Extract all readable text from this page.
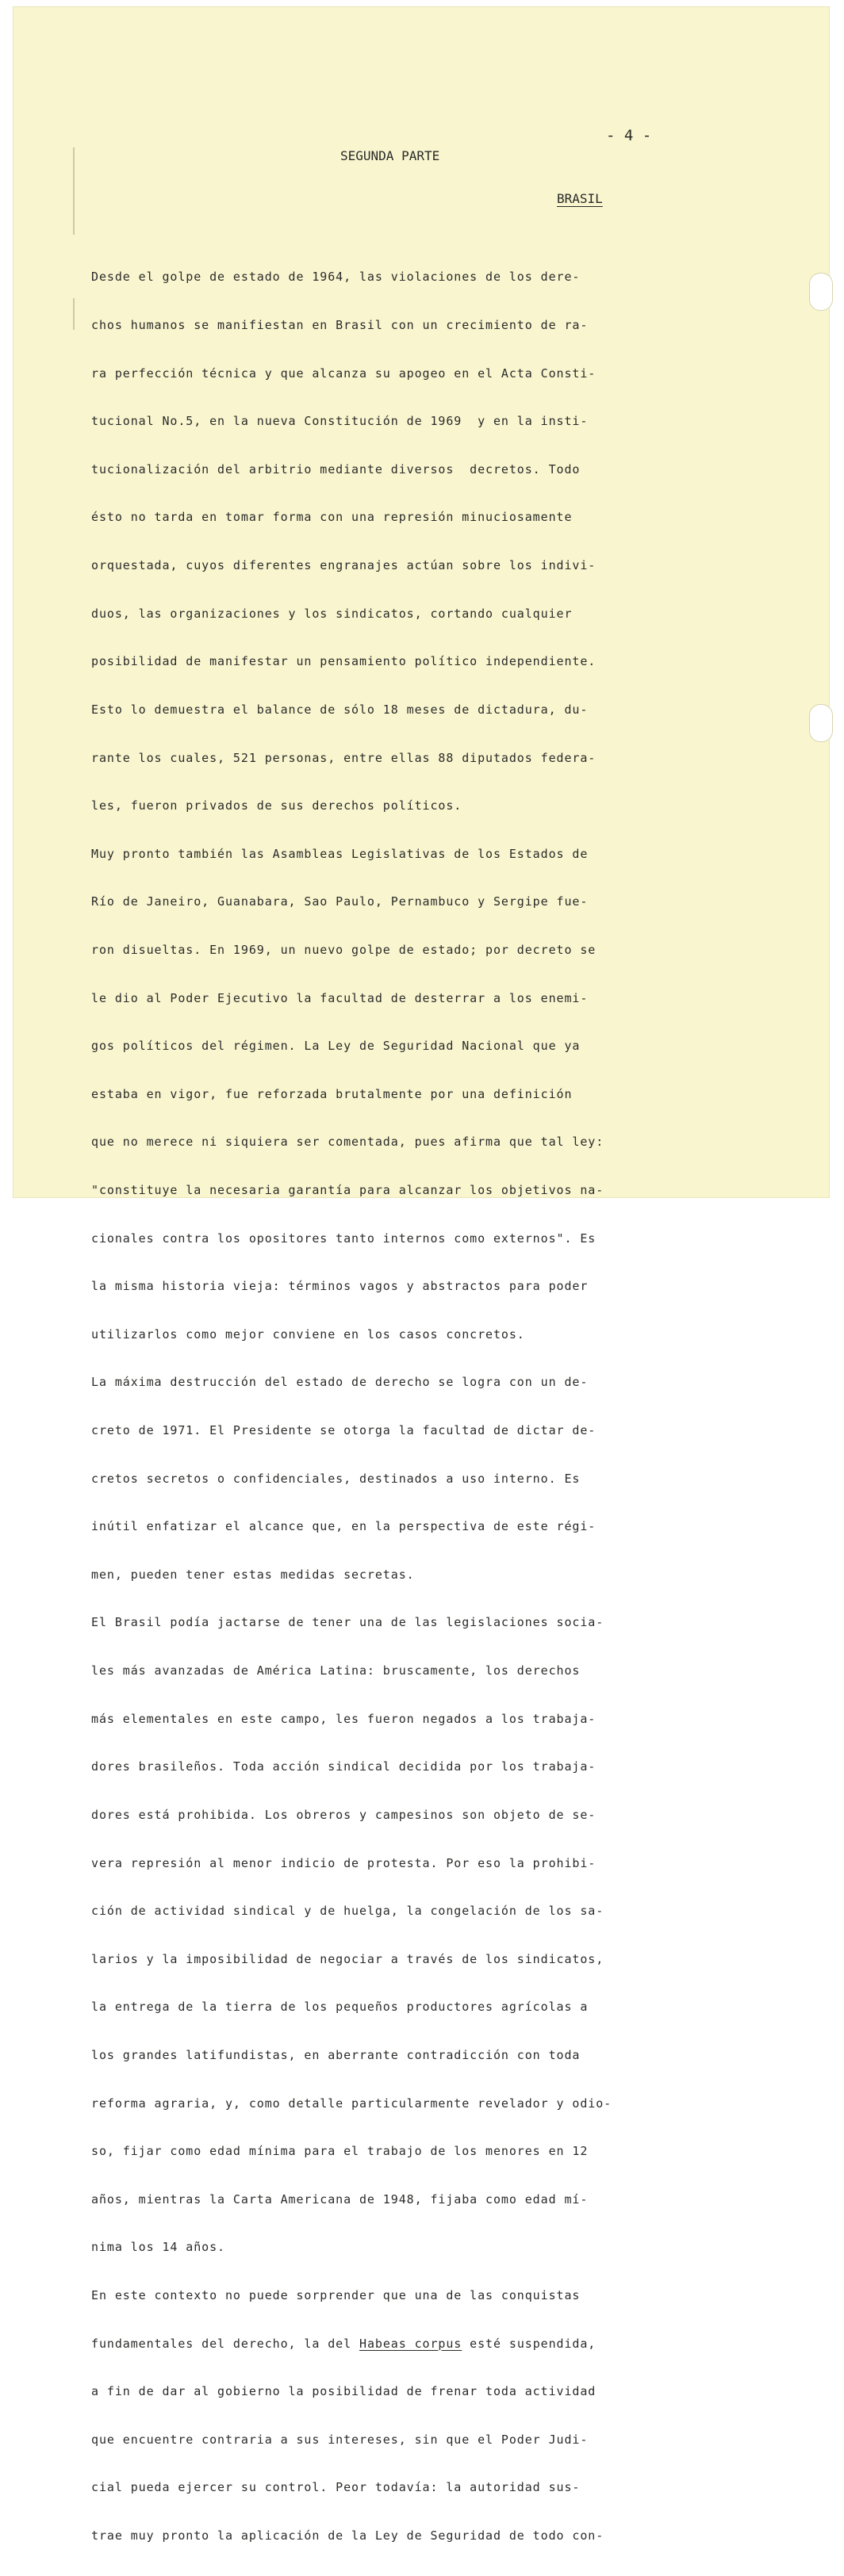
- 4 -
SEGUNDA PARTE
BRASIL

Desde el golpe de estado de 1964, las violaciones de los dere-

chos humanos se manifiestan en Brasil con un crecimiento de ra-

ra perfección técnica y que alcanza su apogeo en el Acta Consti-

tucional No.5, en la nueva Constitución de 1969  y en la insti-

tucionalización del arbitrio mediante diversos  decretos. Todo

ésto no tarda en tomar forma con una represión minuciosamente

orquestada, cuyos diferentes engranajes actúan sobre los indivi-

duos, las organizaciones y los sindicatos, cortando cualquier

posibilidad de manifestar un pensamiento político independiente.

Esto lo demuestra el balance de sólo 18 meses de dictadura, du-

rante los cuales, 521 personas, entre ellas 88 diputados federa-

les, fueron privados de sus derechos políticos.

Muy pronto también las Asambleas Legislativas de los Estados de

Río de Janeiro, Guanabara, Sao Paulo, Pernambuco y Sergipe fue-

ron disueltas. En 1969, un nuevo golpe de estado; por decreto se

le dio al Poder Ejecutivo la facultad de desterrar a los enemi-

gos políticos del régimen. La Ley de Seguridad Nacional que ya

estaba en vigor, fue reforzada brutalmente por una definición

que no merece ni siquiera ser comentada, pues afirma que tal ley:

"constituye la necesaria garantía para alcanzar los objetivos na-

cionales contra los opositores tanto internos como externos". Es

la misma historia vieja: términos vagos y abstractos para poder

utilizarlos como mejor conviene en los casos concretos.

La máxima destrucción del estado de derecho se logra con un de-

creto de 1971. El Presidente se otorga la facultad de dictar de-

cretos secretos o confidenciales, destinados a uso interno. Es

inútil enfatizar el alcance que, en la perspectiva de este régi-

men, pueden tener estas medidas secretas.

El Brasil podía jactarse de tener una de las legislaciones socia-

les más avanzadas de América Latina: bruscamente, los derechos

más elementales en este campo, les fueron negados a los trabaja-

dores brasileños. Toda acción sindical decidida por los trabaja-

dores está prohibida. Los obreros y campesinos son objeto de se-

vera represión al menor indicio de protesta. Por eso la prohibi-

ción de actividad sindical y de huelga, la congelación de los sa-

larios y la imposibilidad de negociar a través de los sindicatos,

la entrega de la tierra de los pequeños productores agrícolas a

los grandes latifundistas, en aberrante contradicción con toda

reforma agraria, y, como detalle particularmente revelador y odio-

so, fijar como edad mínima para el trabajo de los menores en 12

años, mientras la Carta Americana de 1948, fijaba como edad mí-

nima los 14 años.

En este contexto no puede sorprender que una de las conquistas

fundamentales del derecho, la del Habeas corpus esté suspendida,

a fin de dar al gobierno la posibilidad de frenar toda actividad

que encuentre contraria a sus intereses, sin que el Poder Judi-

cial pueda ejercer su control. Peor todavía: la autoridad sus-

trae muy pronto la aplicación de la Ley de Seguridad de todo con-
